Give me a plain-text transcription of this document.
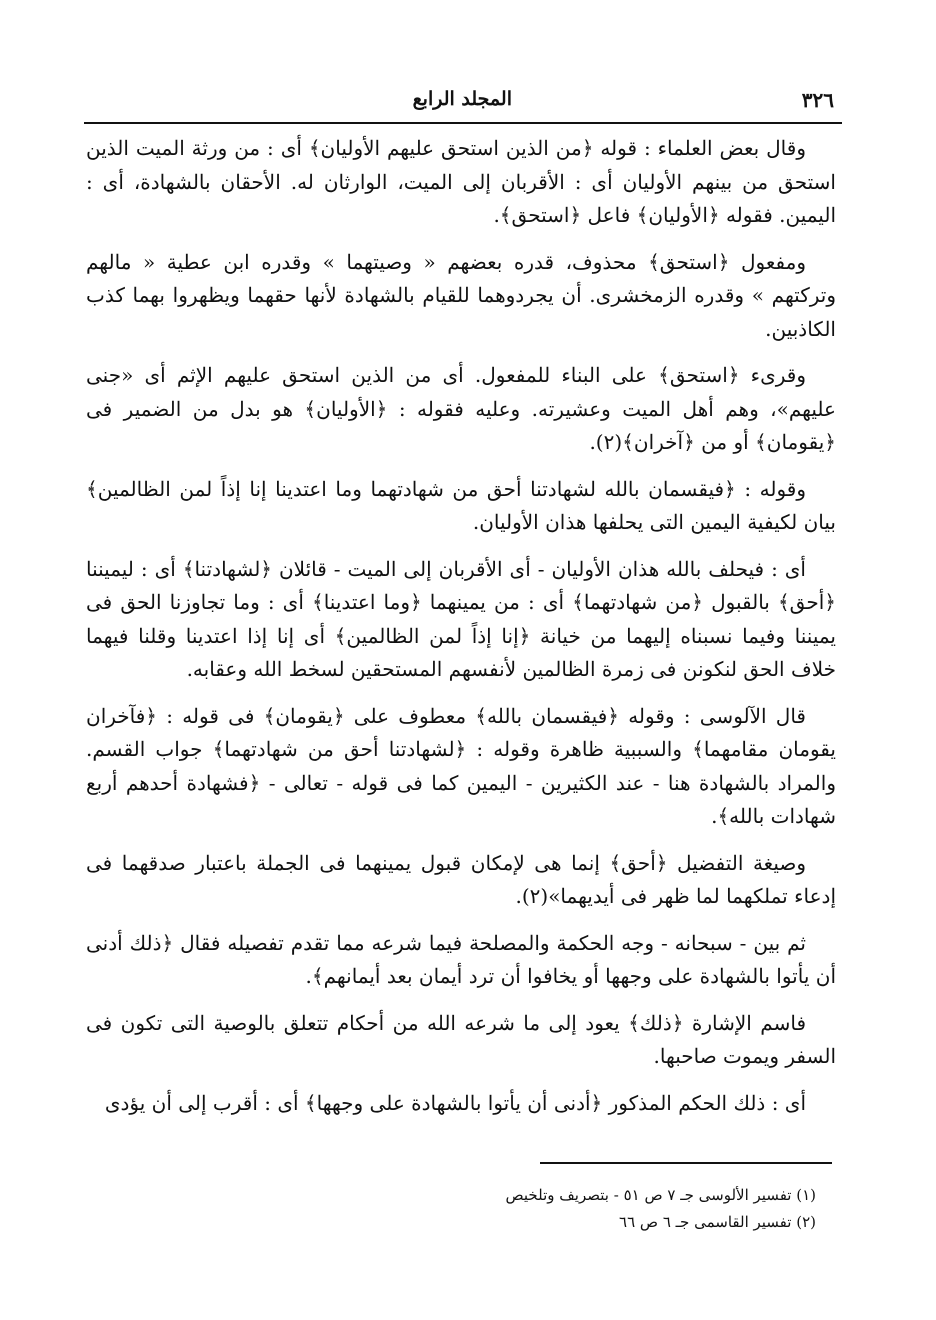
٣٢٦
المجلد الرابع

وقال بعض العلماء : قوله ﴿من الذين استحق عليهم الأوليان﴾ أى : من ورثة الميت الذين استحق من بينهم الأوليان أى : الأقربان إلى الميت، الوارثان له. الأحقان بالشهادة، أى : اليمين. فقوله ﴿الأوليان﴾ فاعل ﴿استحق﴾.

ومفعول ﴿استحق﴾ محذوف، قدره بعضهم « وصيتهما » وقدره ابن عطية « مالهم وتركتهم » وقدره الزمخشرى. أن يجردوهما للقيام بالشهادة لأنها حقهما ويظهروا بهما كذب الكاذبين.

وقرىء ﴿استحق﴾ على البناء للمفعول. أى من الذين استحق عليهم الإثم أى «جنى عليهم»، وهم أهل الميت وعشيرته. وعليه فقوله : ﴿الأوليان﴾ هو بدل من الضمير فى ﴿يقومان﴾ أو من ﴿آخران﴾(٢).

وقوله : ﴿فيقسمان بالله لشهادتنا أحق من شهادتهما وما اعتدينا إنا إذاً لمن الظالمين﴾ بيان لكيفية اليمين التى يحلفها هذان الأوليان.

أى : فيحلف بالله هذان الأوليان - أى الأقربان إلى الميت - قائلان ﴿لشهادتنا﴾ أى : ليميننا ﴿أحق﴾ بالقبول ﴿من شهادتهما﴾ أى : من يمينهما ﴿وما اعتدينا﴾ أى : وما تجاوزنا الحق فى يميننا وفيما نسبناه إليهما من خيانة ﴿إنا إذاً لمن الظالمين﴾ أى إنا إذا اعتدينا وقلنا فيهما خلاف الحق لنكونن فى زمرة الظالمين لأنفسهم المستحقين لسخط الله وعقابه.

قال الآلوسى : وقوله ﴿فيقسمان بالله﴾ معطوف على ﴿يقومان﴾ فى قوله : ﴿فآخران يقومان مقامهما﴾ والسببية ظاهرة وقوله : ﴿لشهادتنا أحق من شهادتهما﴾ جواب القسم. والمراد بالشهادة هنا - عند الكثيرين - اليمين كما فى قوله - تعالى - ﴿فشهادة أحدهم أربع شهادات بالله﴾.

وصيغة التفضيل ﴿أحق﴾ إنما هى لإمكان قبول يمينهما فى الجملة باعتبار صدقهما فى إدعاء تملكهما لما ظهر فى أيديهما»(٢).

ثم بين - سبحانه - وجه الحكمة والمصلحة فيما شرعه مما تقدم تفصيله فقال ﴿ذلك أدنى أن يأتوا بالشهادة على وجهها أو يخافوا أن ترد أيمان بعد أيمانهم﴾.

فاسم الإشارة ﴿ذلك﴾ يعود إلى ما شرعه الله من أحكام تتعلق بالوصية التى تكون فى السفر ويموت صاحبها.

أى : ذلك الحكم المذكور ﴿أدنى أن يأتوا بالشهادة على وجهها﴾ أى : أقرب إلى أن يؤدى

(١) تفسير الألوسى جـ ٧ ص ٥١ - بتصريف وتلخيص
(٢) تفسير القاسمى جـ ٦ ص ٦٦
